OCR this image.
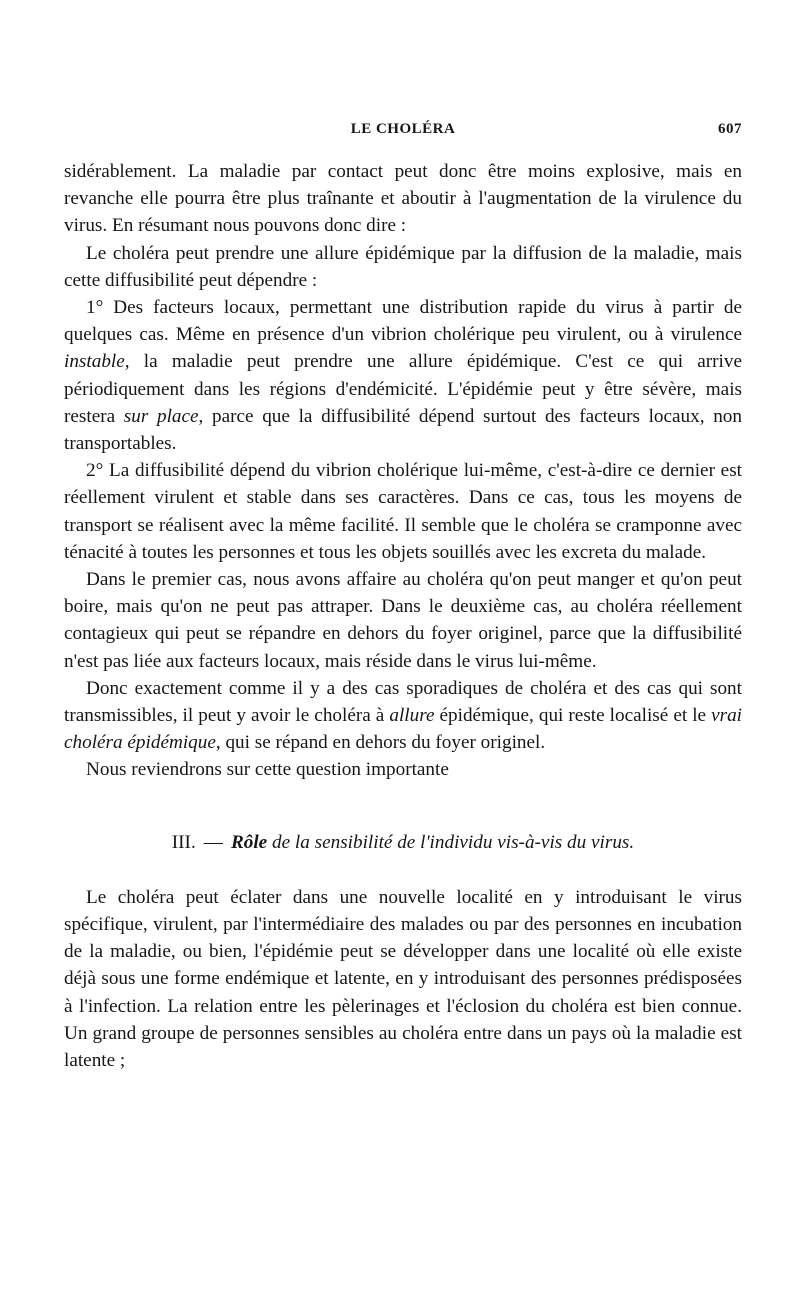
LE CHOLÉRA	607

sidérablement. La maladie par contact peut donc être moins explosive, mais en revanche elle pourra être plus traînante et aboutir à l'augmentation de la virulence du virus. En résumant nous pouvons donc dire :

Le choléra peut prendre une allure épidémique par la diffusion de la maladie, mais cette diffusibilité peut dépendre :

1° Des facteurs locaux, permettant une distribution rapide du virus à partir de quelques cas. Même en présence d'un vibrion cholérique peu virulent, ou à virulence instable, la maladie peut prendre une allure épidémique. C'est ce qui arrive périodiquement dans les régions d'endémicité. L'épidémie peut y être sévère, mais restera sur place, parce que la diffusibilité dépend surtout des facteurs locaux, non transportables.

2° La diffusibilité dépend du vibrion cholérique lui-même, c'est-à-dire ce dernier est réellement virulent et stable dans ses caractères. Dans ce cas, tous les moyens de transport se réalisent avec la même facilité. Il semble que le choléra se cramponne avec ténacité à toutes les personnes et tous les objets souillés avec les excreta du malade.

Dans le premier cas, nous avons affaire au choléra qu'on peut manger et qu'on peut boire, mais qu'on ne peut pas attraper. Dans le deuxième cas, au choléra réellement contagieux qui peut se répandre en dehors du foyer originel, parce que la diffusibilité n'est pas liée aux facteurs locaux, mais réside dans le virus lui-même.

Donc exactement comme il y a des cas sporadiques de choléra et des cas qui sont transmissibles, il peut y avoir le choléra à allure épidémique, qui reste localisé et le vrai choléra épidémique, qui se répand en dehors du foyer originel.

Nous reviendrons sur cette question importante

III. — Rôle de la sensibilité de l'individu vis-à-vis du virus.

Le choléra peut éclater dans une nouvelle localité en y introduisant le virus spécifique, virulent, par l'intermédiaire des malades ou par des personnes en incubation de la maladie, ou bien, l'épidémie peut se développer dans une localité où elle existe déjà sous une forme endémique et latente, en y introduisant des personnes prédisposées à l'infection. La relation entre les pèlerinages et l'éclosion du choléra est bien connue. Un grand groupe de personnes sensibles au choléra entre dans un pays où la maladie est latente ;
